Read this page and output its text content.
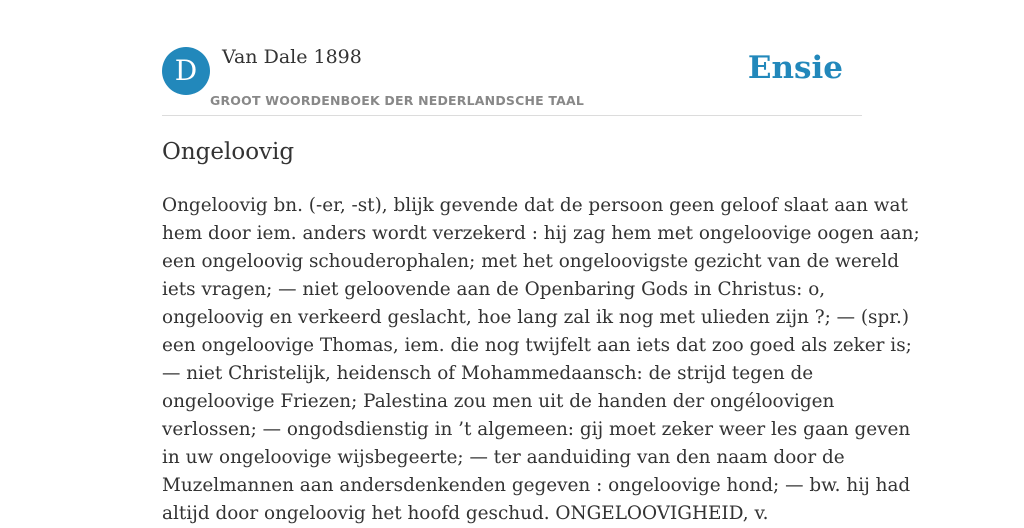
D	Van Dale 1898
GROOT WOORDENBOEK DER NEDERLANDSCHE TAAL
Ensie
Ongeloovig

Ongeloovig bn. (-er, -st), blijk gevende dat de persoon geen geloof slaat aan wat
hem door iem. anders wordt verzekerd : hij zag hem met ongeloovige oogen aan;
een ongeloovig schouderophalen; met het ongeloovigste gezicht van de wereld
iets vragen; — niet geloovende aan de Openbaring Gods in Christus: o,
ongeloovig en verkeerd geslacht, hoe lang zal ik nog met ulieden zijn ?; — (spr.)
een ongeloovige Thomas, iem. die nog twijfelt aan iets dat zoo goed als zeker is;
— niet Christelijk, heidensch of Mohammedaansch: de strijd tegen de
ongeloovige Friezen; Palestina zou men uit de handen der ongéloovigen
verlossen; — ongodsdienstig in ’t algemeen: gij moet zeker weer les gaan geven
in uw ongeloovige wijsbegeerte; — ter aanduiding van den naam door de
Muzelmannen aan andersdenkenden gegeven : ongeloovige hond; — bw. hij had
altijd door ongeloovig het hoofd geschud. ONGELOOVIGHEID, v.
